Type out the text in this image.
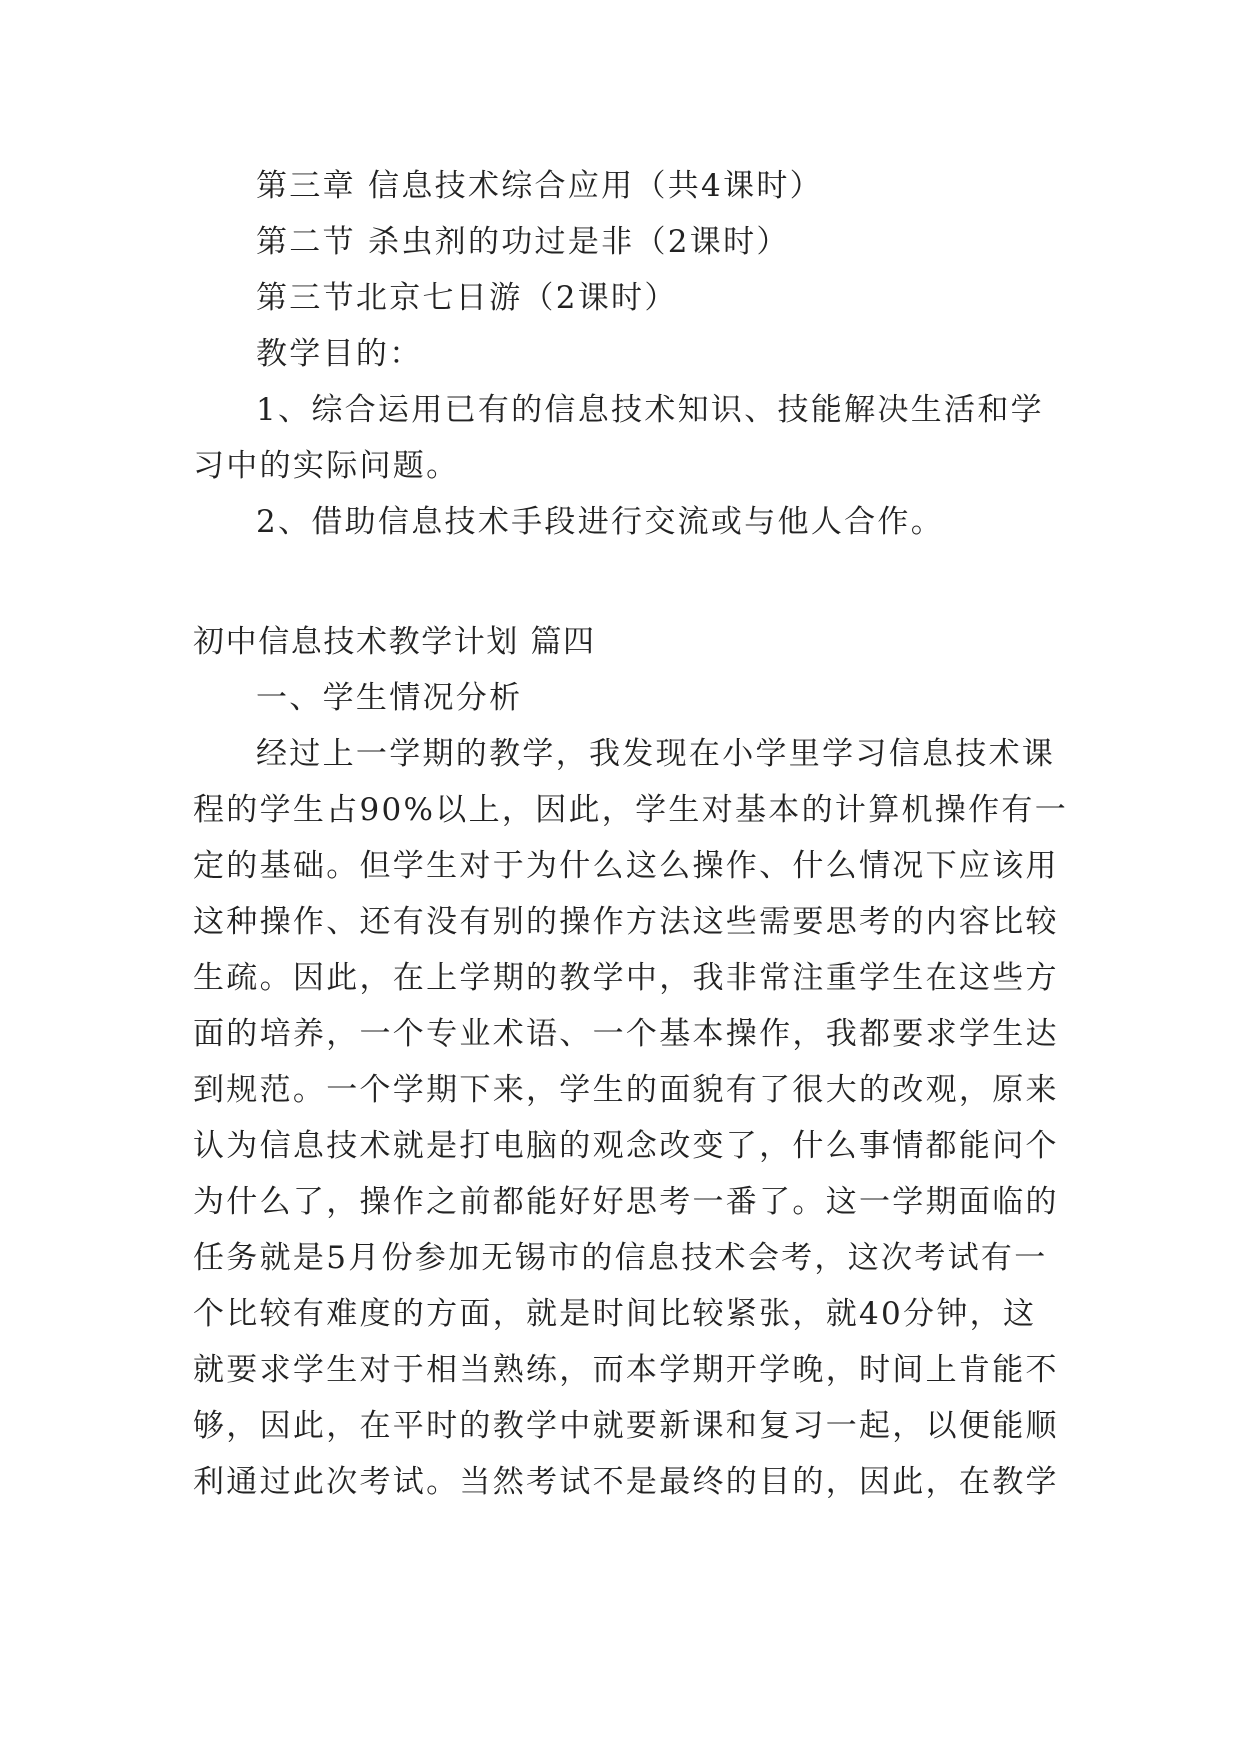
第三章 信息技术综合应用（共4课时）
第二节 杀虫剂的功过是非（2课时）
第三节北京七日游（2课时）
教学目的：
1、综合运用已有的信息技术知识、技能解决生活和学
习中的实际问题。
2、借助信息技术手段进行交流或与他人合作。
初中信息技术教学计划 篇四
一、学生情况分析
经过上一学期的教学，我发现在小学里学习信息技术课
程的学生占90%以上，因此，学生对基本的计算机操作有一
定的基础。但学生对于为什么这么操作、什么情况下应该用
这种操作、还有没有别的操作方法这些需要思考的内容比较
生疏。因此，在上学期的教学中，我非常注重学生在这些方
面的培养，一个专业术语、一个基本操作，我都要求学生达
到规范。一个学期下来，学生的面貌有了很大的改观，原来
认为信息技术就是打电脑的观念改变了，什么事情都能问个
为什么了，操作之前都能好好思考一番了。这一学期面临的
任务就是5月份参加无锡市的信息技术会考，这次考试有一
个比较有难度的方面，就是时间比较紧张，就40分钟，这
就要求学生对于相当熟练，而本学期开学晚，时间上肯能不
够，因此，在平时的教学中就要新课和复习一起，以便能顺
利通过此次考试。当然考试不是最终的目的，因此，在教学
